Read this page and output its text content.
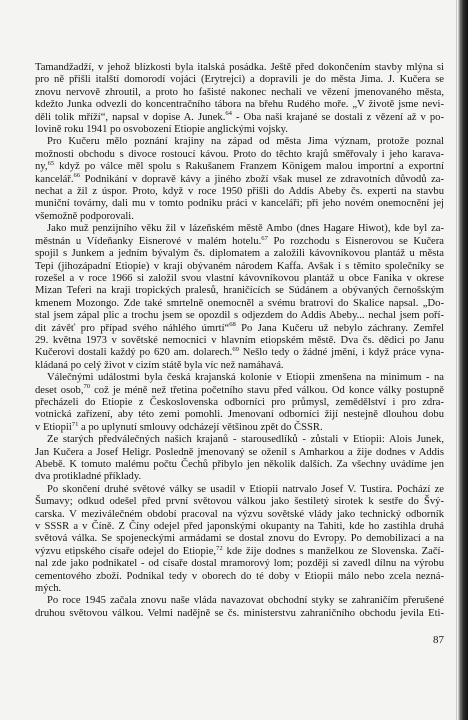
Tamandžadží, v jehož blízkosti byla italská posádka. Ještě před dokončením stavby mlýna si
pro ně přišli italští domorodí vojáci (Erytrejci) a dopravili je do města Jima. J. Kučera se
znovu nervově zhroutil, a proto ho fašisté nakonec nechali ve vězení jmenovaného města,
kdežto Junka odvezli do koncentračního tábora na břehu Rudého moře. „V životě jsme nevi-
děli tolik mříží“, napsal v dopise A. Junek.$^{64}$ - Oba naši krajané se dostali z vězení až v po-
lovině roku 1941 po osvobození Etiopie anglickými vojsky.
Pro Kučeru mělo poznání krajiny na západ od města Jima význam, protože poznal
možnosti obchodu s divoce rostoucí kávou. Proto do těchto krajů směřovaly i jeho karava-
ny,$^{65}$ když po válce měl spolu s Rakušanem Franzem Königem malou importní a exportní
kancelář.$^{66}$ Podnikání v dopravě kávy a jiného zboží však musel ze zdravotních důvodů za-
nechat a žil z úspor. Proto, když v roce 1950 přišli do Addis Abeby čs. experti na stavbu
muniční továrny, dali mu v tomto podniku práci v kanceláři; při jeho novém onemocnění jej
všemožně podporovali.
Jako muž penzijního věku žil v lázeňském městě Ambo (dnes Hagare Hiwot), kde byl za-
městnán u Vídeňanky Eisnerové v malém hotelu.$^{67}$ Po rozchodu s Eisnerovou se Kučera
spojil s Junkem a jedním bývalým čs. diplomatem a založili kávovníkovou plantáž u města
Tepi (jihozápadní Etiopie) v kraji obývaném národem Kaffa. Avšak i s těmito společníky se
rozešel a v roce 1966 si založil svou vlastní kávovníkovou plantáž u obce Fanika v okrese
Mizan Teferi na kraji tropických pralesů, hraničících se Súdánem a obývaných černošským
kmenem Mozongo. Zde také smrtelně onemocněl a svému bratrovi do Skalice napsal. „Do-
stal jsem zápal plic a trochu jsem se opozdil s odjezdem do Addis Abeby... nechal jsem poří-
dit závěť pro případ svého náhlého úmrtí“$^{68}$ Po Jana Kučeru už nebylo záchrany. Zemřel
29. května 1973 v sovětské nemocnici v hlavním etiopském městě. Dva čs. dědici po Janu
Kučerovi dostali každý po 620 am. dolarech.$^{69}$ Nešlo tedy o žádné jmění, i když práce vyna-
kládaná po celý život v cizím státě byla víc než namáhavá.
Válečnými událostmi byla česká krajanská kolonie v Etiopii zmenšena na minimum - na
deset osob,$^{70}$ což je méně než třetina početního stavu před válkou. Od konce války postupně
přecházeli do Etiopie z Československa odborníci pro průmysl, zemědělství i pro zdra-
votnická zařízení, aby této zemi pomohli. Jmenovaní odborníci žijí nestejně dlouhou dobu
v Etiopii$^{71}$ a po uplynutí smlouvy odcházejí většinou zpět do ČSSR.
Ze starých předválečných našich krajanů - starousedlíků - zůstali v Etiopii: Alois Junek,
Jan Kučera a Josef Heligr. Posledně jmenovaný se oženil s Amharkou a žije dodnes v Addis
Abebě. K tomuto malému počtu Čechů přibylo jen několik dalších. Za všechny uvádíme jen
dva protikladné příklady.
Po skončení druhé světové války se usadil v Etiopii natrvalo Josef V. Tustira. Pochází ze
Šumavy; odkud odešel před první světovou válkou jako šestiletý sirotek k sestře do Švý-
carska. V meziválečném období pracoval na výzvu sovětské vlády jako technický odborník
v SSSR a v Číně. Z Číny odejel před japonskými okupanty na Tahiti, kde ho zastihla druhá
světová válka. Se spojeneckými armádami se dostal znovu do Evropy. Po demobilizaci a na
výzvu etipského císaře odejel do Etiopie,$^{72}$ kde žije dodnes s manželkou ze Slovenska. Začí-
nal zde jako podnikatel - od císaře dostal mramorový lom; později si zavedl dílnu na výrobu
cementového zboží. Podnikal tedy v oborech do té doby v Etiopii málo nebo zcela nezná-
mých.
Po roce 1945 začala znovu naše vláda navazovat obchodní styky se zahraničím přerušené
druhou světovou válkou. Velmi nadějně se čs. ministerstvu zahraničního obchodu jevila Eti-
87
